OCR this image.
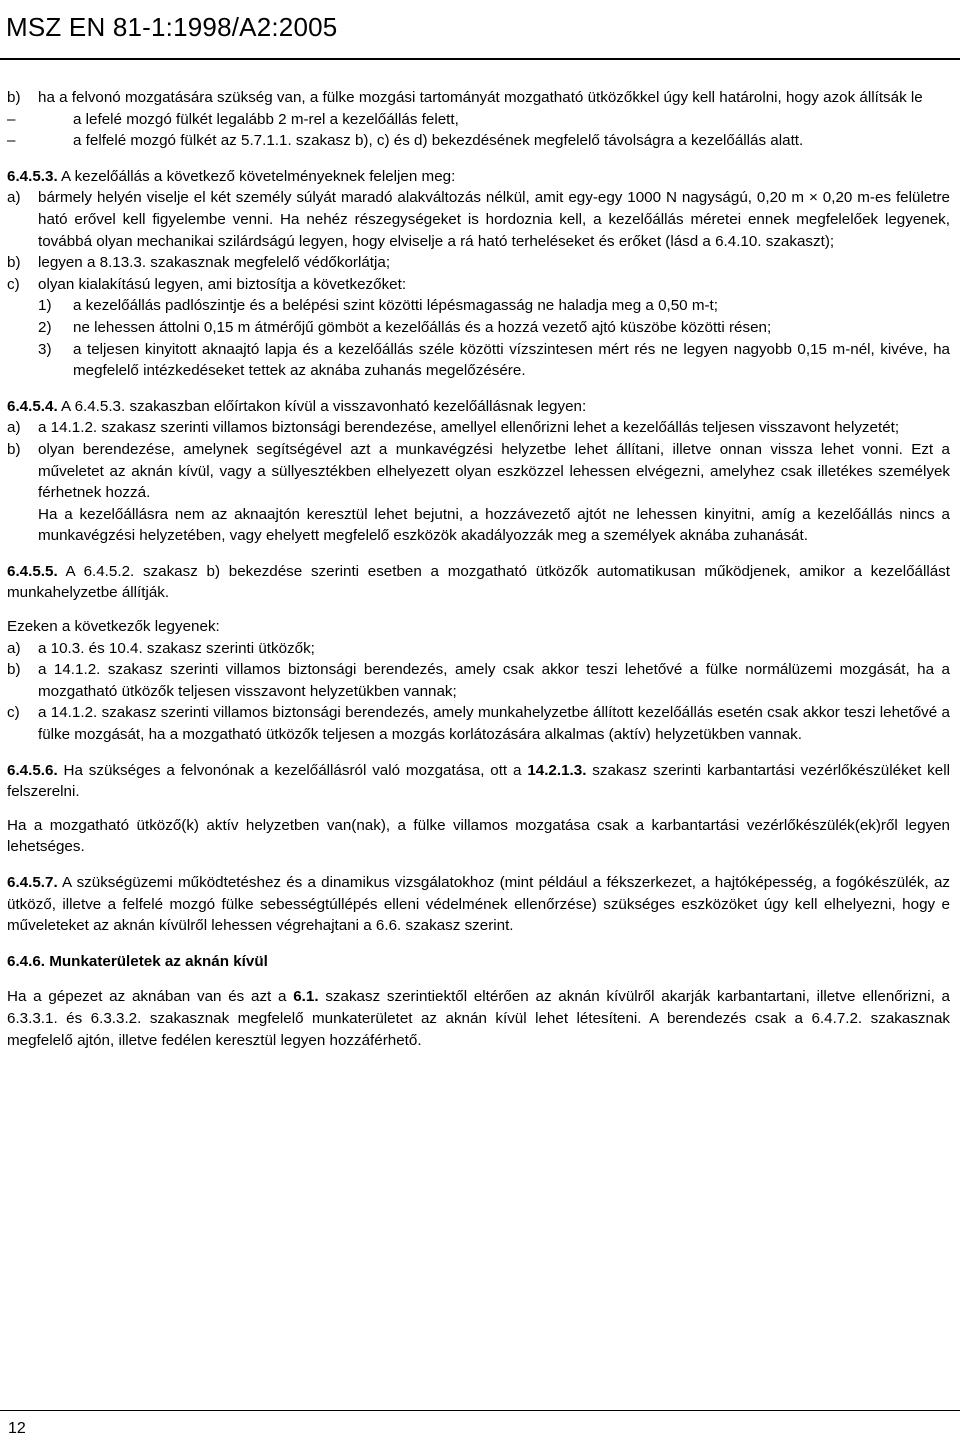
MSZ EN 81-1:1998/A2:2005

b) ha a felvonó mozgatására szükség van, a fülke mozgási tartományát mozgatható ütközőkkel úgy kell határolni, hogy azok állítsák le

–	a lefelé mozgó fülkét legalább 2 m-rel a kezelőállás felett,

–	a felfelé mozgó fülkét az 5.7.1.1. szakasz b), c) és d) bekezdésének megfelelő távolságra a kezelőállás alatt.

6.4.5.3. A kezelőállás a következő követelményeknek feleljen meg:

a) bármely helyén viselje el két személy súlyát maradó alakváltozás nélkül, amit egy-egy 1000 N nagyságú, 0,20 m × 0,20 m-es felületre ható erővel kell figyelembe venni. Ha nehéz részegységeket is hordoznia kell, a kezelőállás méretei ennek megfelelőek legyenek, továbbá olyan mechanikai szilárdságú legyen, hogy elviselje a rá ható terheléseket és erőket (lásd a 6.4.10. szakaszt);

b) legyen a 8.13.3. szakasznak megfelelő védőkorlátja;

c) olyan kialakítású legyen, ami biztosítja a következőket:

1) a kezelőállás padlószintje és a belépési szint közötti lépésmagasság ne haladja meg a 0,50 m-t;

2) ne lehessen áttolni 0,15 m átmérőjű gömböt a kezelőállás és a hozzá vezető ajtó küszöbe közötti résen;

3) a teljesen kinyitott aknaajtó lapja és a kezelőállás széle közötti vízszintesen mért rés ne legyen nagyobb 0,15 m-nél, kivéve, ha megfelelő intézkedéseket tettek az aknába zuhanás megelőzésére.

6.4.5.4. A 6.4.5.3. szakaszban előírtakon kívül a visszavonható kezelőállásnak legyen:

a) a 14.1.2. szakasz szerinti villamos biztonsági berendezése, amellyel ellenőrizni lehet a kezelőállás teljesen visszavont helyzetét;

b) olyan berendezése, amelynek segítségével azt a munkavégzési helyzetbe lehet állítani, illetve onnan vissza lehet vonni. Ezt a műveletet az aknán kívül, vagy a süllyesztékben elhelyezett olyan eszközzel lehessen elvégezni, amelyhez csak illetékes személyek férhetnek hozzá.

Ha a kezelőállásra nem az aknaajtón keresztül lehet bejutni, a hozzávezető ajtót ne lehessen kinyitni, amíg a kezelőállás nincs a munkavégzési helyzetében, vagy ehelyett megfelelő eszközök akadályozzák meg a személyek aknába zuhanását.

6.4.5.5. A 6.4.5.2. szakasz b) bekezdése szerinti esetben a mozgatható ütközők automatikusan működjenek, amikor a kezelőállást munkahelyzetbe állítják.

Ezeken a következők legyenek:

a) a 10.3. és 10.4. szakasz szerinti ütközők;

b) a 14.1.2. szakasz szerinti villamos biztonsági berendezés, amely csak akkor teszi lehetővé a fülke normálüzemi mozgását, ha a mozgatható ütközők teljesen visszavont helyzetükben vannak;

c) a 14.1.2. szakasz szerinti villamos biztonsági berendezés, amely munkahelyzetbe állított kezelőállás esetén csak akkor teszi lehetővé a fülke mozgását, ha a mozgatható ütközők teljesen a mozgás korlátozására alkalmas (aktív) helyzetükben vannak.

6.4.5.6. Ha szükséges a felvonónak a kezelőállásról való mozgatása, ott a 14.2.1.3. szakasz szerinti karbantartási vezérlőkészüléket kell felszerelni.

Ha a mozgatható ütköző(k) aktív helyzetben van(nak), a fülke villamos mozgatása csak a karbantartási vezérlőkészülék(ek)ről legyen lehetséges.

6.4.5.7. A szükségüzemi működtetéshez és a dinamikus vizsgálatokhoz (mint például a fékszerkezet, a hajtóképesség, a fogókészülék, az ütköző, illetve a felfelé mozgó fülke sebességtúllépés elleni védelmének ellenőrzése) szükséges eszközöket úgy kell elhelyezni, hogy e műveleteket az aknán kívülről lehessen végrehajtani a 6.6. szakasz szerint.

6.4.6. Munkaterületek az aknán kívül

Ha a gépezet az aknában van és azt a 6.1. szakasz szerintiektől eltérően az aknán kívülről akarják karbantartani, illetve ellenőrizni, a 6.3.3.1. és 6.3.3.2. szakasznak megfelelő munkaterületet az aknán kívül lehet létesíteni. A berendezés csak a 6.4.7.2. szakasznak megfelelő ajtón, illetve fedélen keresztül legyen hozzáférhető.

12
